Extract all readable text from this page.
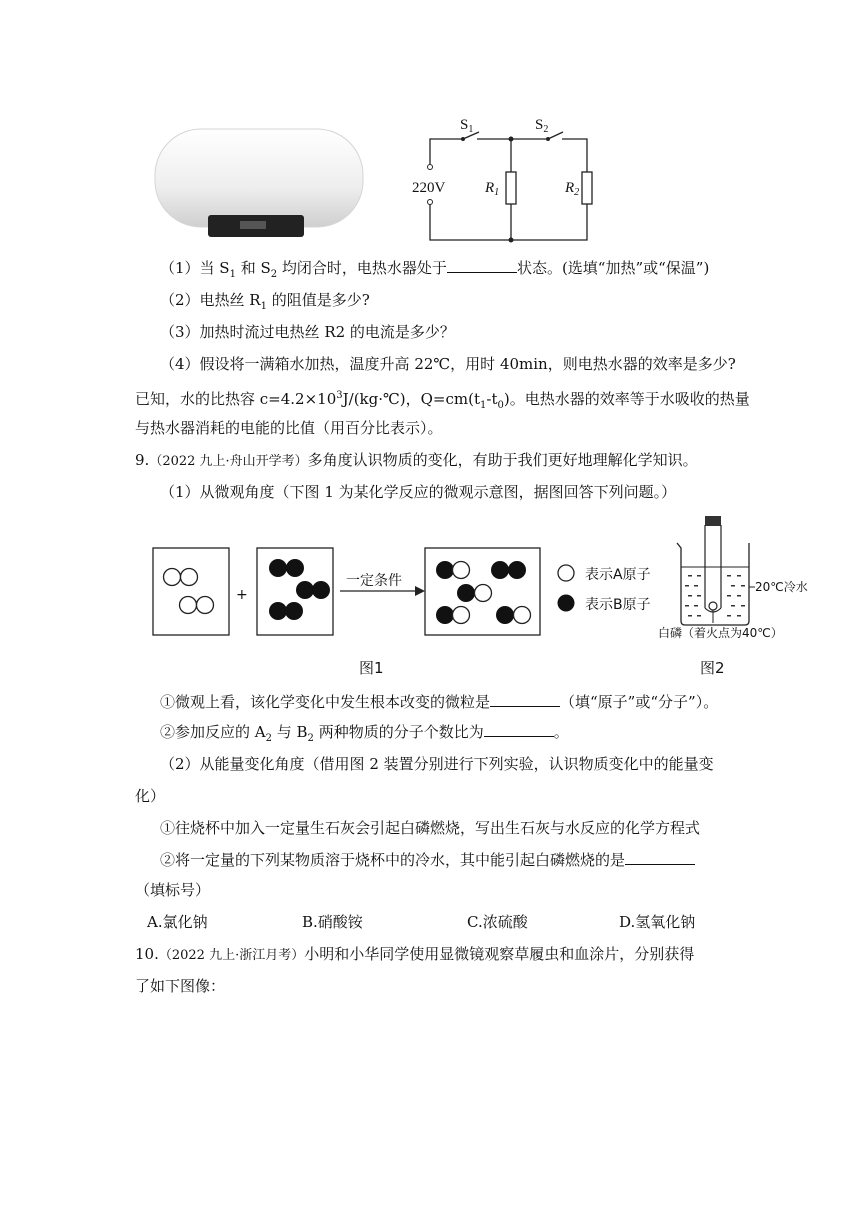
$S_1$	$S_2$
220V	$R_1$	$R_2$
（1）当 $S_1$ 和 $S_2$ 均闭合时，电热水器处于	状态。(选填“加热”或“保温”)
（2）电热丝 $R_1$ 的阻值是多少?
（3）加热时流过电热丝 R2 的电流是多少？
（4）假设将一满箱水加热，温度升高 22℃，用时 40min，则电热水器的效率是多少?
已知，水的比热容 $c=4.2\times 10^3J/(kg\cdot℃)$，$Q=cm(t_1-t_0)$。电热水器的效率等于水吸收的热量
与热水器消耗的电能的比值（用百分比表示）。
9.（2022 九上·舟山开学考）多角度认识物质的变化，有助于我们更好地理解化学知识。
（1）从微观角度（下图 1 为某化学反应的微观示意图，据图回答下列问题。）
+
一定条件	表示A原子
表示B原子
20℃冷水
白磷（着火点为40℃）
图1	图2
①微观上看，该化学变化中发生根本改变的微粒是	（填“原子”或“分子”）。
②参加反应的 $A_2$ 与 $B_2$ 两种物质的分子个数比为	。
（2）从能量变化角度（借用图 2 装置分别进行下列实验，认识物质变化中的能量变
化）
①往烧杯中加入一定量生石灰会引起白磷燃烧，写出生石灰与水反应的化学方程式
②将一定量的下列某物质溶于烧杯中的冷水，其中能引起白磷燃烧的是
（填标号）
A.氯化钠	B.硝酸铵	C.浓硫酸	D.氢氧化钠
10.（2022 九上·浙江月考）小明和小华同学使用显微镜观察草履虫和血涂片，分别获得
了如下图像：
